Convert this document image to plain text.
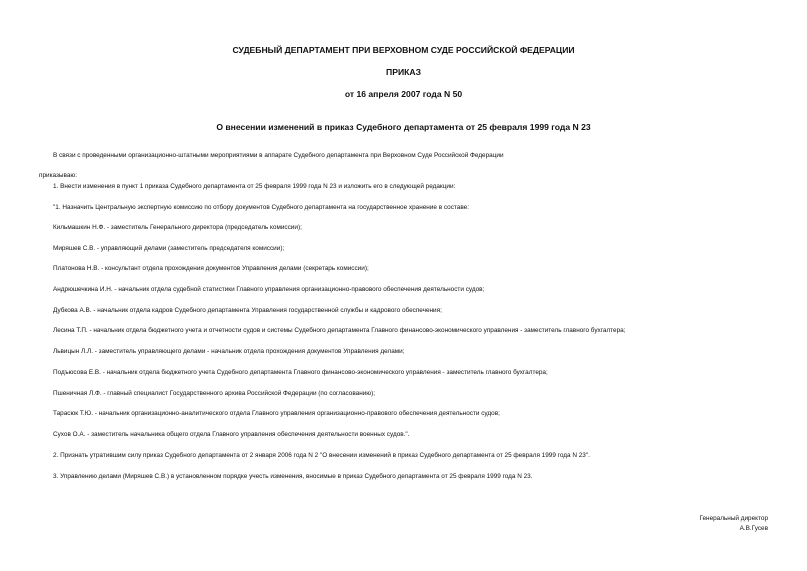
СУДЕБНЫЙ ДЕПАРТАМЕНТ ПРИ ВЕРХОВНОМ СУДЕ РОССИЙСКОЙ ФЕДЕРАЦИИ
ПРИКАЗ
от 16 апреля 2007 года N 50
О внесении изменений в приказ Судебного департамента от 25 февраля 1999 года N 23
В связи с проведенными организационно-штатными мероприятиями в аппарате Судебного департамента при Верховном Суде Российской Федерации
приказываю:
1. Внести изменения в пункт 1 приказа Судебного департамента от 25 февраля 1999 года N 23 и изложить его в следующей редакции:
"1. Назначить Центральную экспертную комиссию по отбору документов Судебного департамента на государственное хранение в составе:
Кильмашкин Н.Ф. - заместитель Генерального директора (председатель комиссии);
Миряшев С.В. - управляющий делами (заместитель председателя комиссии);
Платонова Н.В. - консультант отдела прохождения документов Управления делами (секретарь комиссии);
Андрюшечкина И.Н. - начальник отдела судебной статистики Главного управления организационно-правового обеспечения деятельности судов;
Дубкова А.В. - начальник отдела кадров Судебного департамента Управления государственной службы и кадрового обеспечения;
Лесина Т.П. - начальник отдела бюджетного учета и отчетности судов и системы Судебного департамента Главного финансово-экономического управления - заместитель главного бухгалтера;
Львицын Л.Л. - заместитель управляющего делами - начальник отдела прохождения документов Управления делами;
Подъюсова Е.В. - начальник отдела бюджетного учета Судебного департамента Главного финансово-экономического управления - заместитель главного бухгалтера;
Пшеничная Л.Ф. - главный специалист Государственного архива Российской Федерации (по согласованию);
Тарасюк Т.Ю. - начальник организационно-аналитического отдела Главного управления организационно-правового обеспечения деятельности судов;
Сухов О.А. - заместитель начальника общего отдела Главного управления обеспечения деятельности военных судов.".
2. Признать утратившим силу приказ Судебного департамента от 2 января 2006 года N 2 "О внесении изменений в приказ Судебного департамента от 25 февраля 1999 года N 23".
3. Управлению делами (Миряшев С.В.) в установленном порядке учесть изменения, вносимые в приказ Судебного департамента от 25 февраля 1999 года N 23.
Генеральный директор
А.В.Гусев
